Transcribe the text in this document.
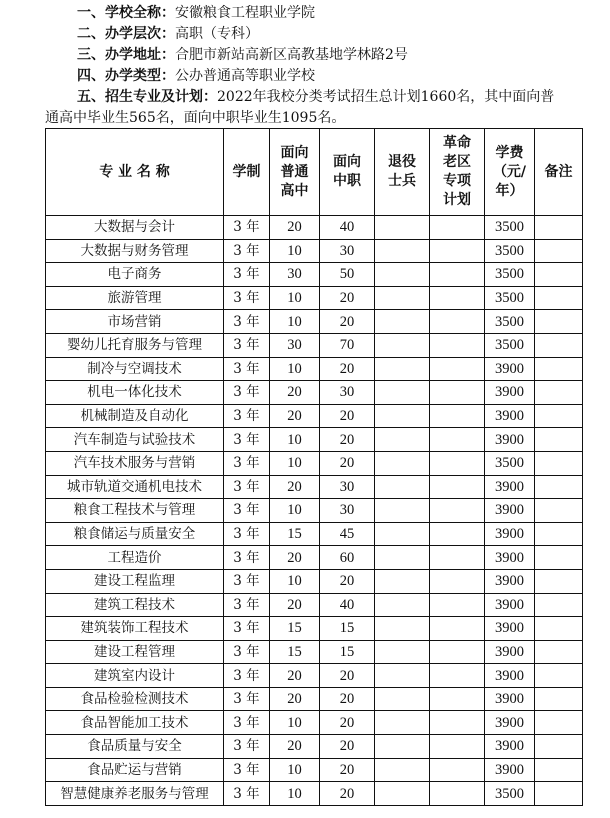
一、学校全称：安徽粮食工程职业学院
二、办学层次：高职（专科）
三、办学地址：合肥市新站高新区高教基地学林路2号
四、办学类型：公办普通高等职业学校
五、招生专业及计划：2022年我校分类考试招生总计划1660名，其中面向普
通高中毕业生565名，面向中职毕业生1095名。
专 业 名 称	学制	面向普通高中	面向中职	退役士兵	革命老区专项计划	学费（元/年）	备注
大数据与会计	3 年	20	40			3500	
大数据与财务管理	3 年	10	30			3500	
电子商务	3 年	30	50			3500	
旅游管理	3 年	10	20			3500	
市场营销	3 年	10	20			3500	
婴幼儿托育服务与管理	3 年	30	70			3500	
制冷与空调技术	3 年	10	20			3900	
机电一体化技术	3 年	20	30			3900	
机械制造及自动化	3 年	20	20			3900	
汽车制造与试验技术	3 年	10	20			3900	
汽车技术服务与营销	3 年	10	20			3500	
城市轨道交通机电技术	3 年	20	30			3900	
粮食工程技术与管理	3 年	10	30			3900	
粮食储运与质量安全	3 年	15	45			3900	
工程造价	3 年	20	60			3900	
建设工程监理	3 年	10	20			3900	
建筑工程技术	3 年	20	40			3900	
建筑装饰工程技术	3 年	15	15			3900	
建设工程管理	3 年	15	15			3900	
建筑室内设计	3 年	20	20			3900	
食品检验检测技术	3 年	20	20			3900	
食品智能加工技术	3 年	10	20			3900	
食品质量与安全	3 年	20	20			3900	
食品贮运与营销	3 年	10	20			3900	
智慧健康养老服务与管理	3 年	10	20			3500	
